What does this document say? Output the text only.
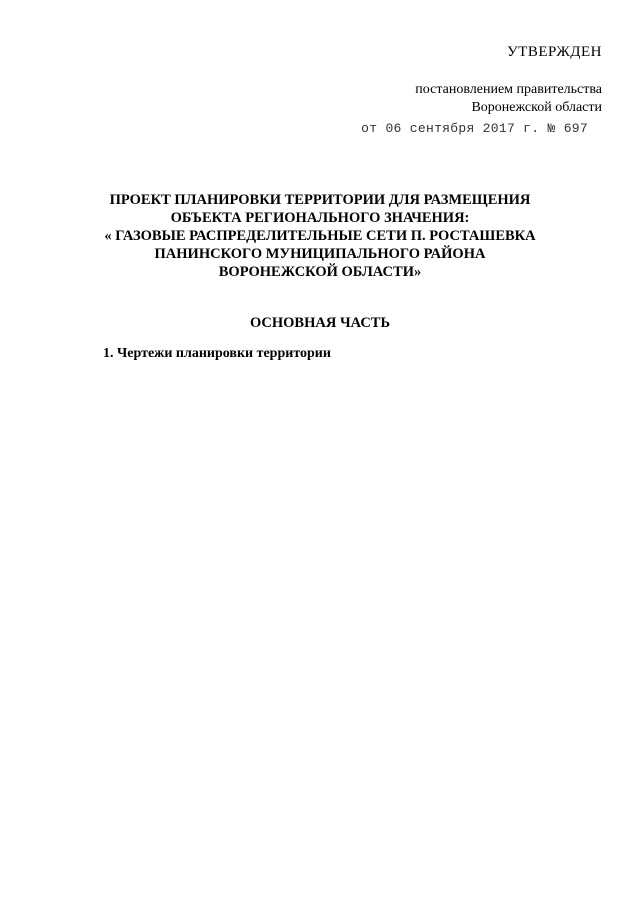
УТВЕРЖДЕН
постановлением правительства
Воронежской области
от 06 сентября 2017 г. № 697
ПРОЕКТ ПЛАНИРОВКИ ТЕРРИТОРИИ ДЛЯ РАЗМЕЩЕНИЯ
ОБЪЕКТА РЕГИОНАЛЬНОГО ЗНАЧЕНИЯ:
« ГАЗОВЫЕ РАСПРЕДЕЛИТЕЛЬНЫЕ СЕТИ П. РОСТАШЕВКА
ПАНИНСКОГО МУНИЦИПАЛЬНОГО РАЙОНА
ВОРОНЕЖСКОЙ ОБЛАСТИ»
ОСНОВНАЯ ЧАСТЬ
1. Чертежи планировки территории
